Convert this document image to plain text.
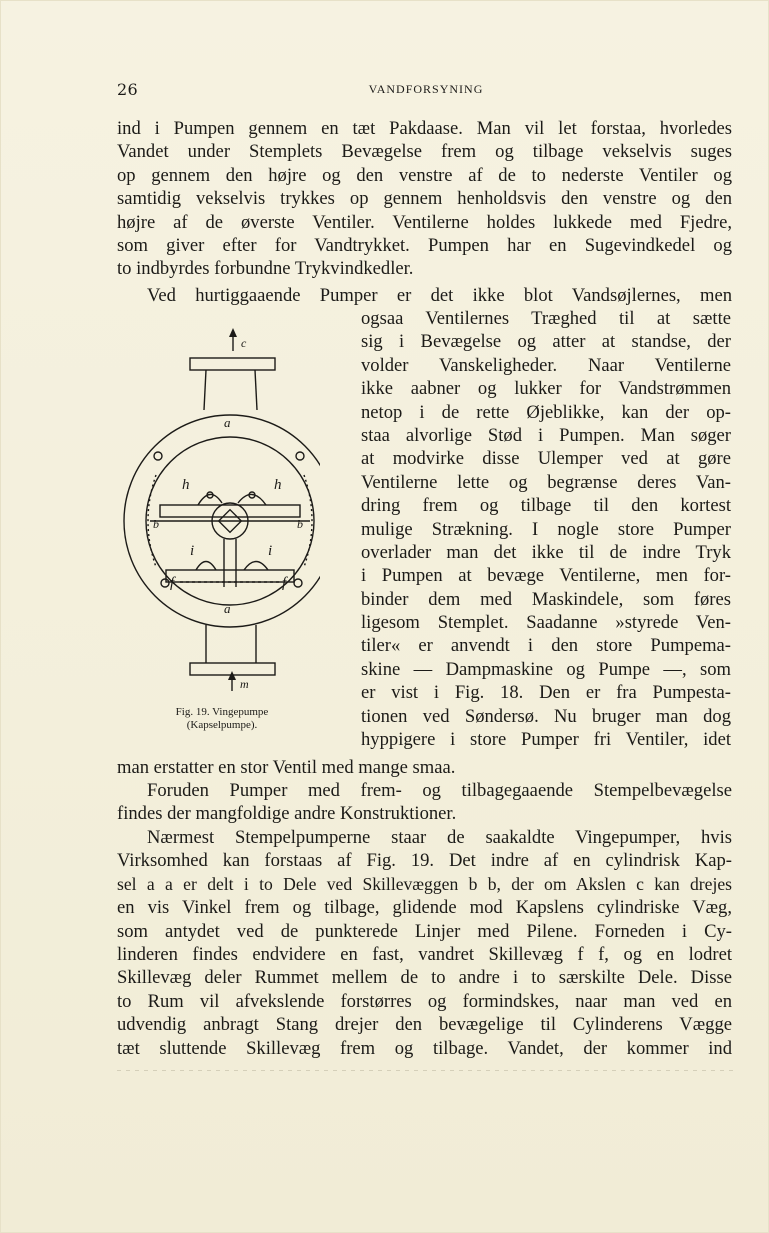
26	VANDFORSYNING
ind i Pumpen gennem en tæt Pakdaase. Man vil let forstaa, hvorledes
Vandet under Stemplets Bevægelse frem og tilbage vekselvis suges
op gennem den højre og den venstre af de to nederste Ventiler og
samtidig vekselvis trykkes op gennem henholdsvis den venstre og den
højre af de øverste Ventiler. Ventilerne holdes lukkede med Fjedre,
som giver efter for Vandtrykket. Pumpen har en Sugevindkedel og
to indbyrdes forbundne Trykvindkedler.
Ved hurtiggaaende Pumper er det ikke blot Vandsøjlernes, men
ogsaa Ventilernes Træghed til at sætte
sig i Bevægelse og atter at standse, der
volder Vanskeligheder. Naar Ventilerne
ikke aabner og lukker for Vandstrømmen
netop i de rette Øjeblikke, kan der op-
staa alvorlige Stød i Pumpen. Man søger
at modvirke disse Ulemper ved at gøre
Ventilerne lette og begrænse deres Van-
dring frem og tilbage til den kortest
mulige Strækning. I nogle store Pumper
overlader man det ikke til de indre Tryk
i Pumpen at bevæge Ventilerne, men for-
binder dem med Maskindele, som føres
ligesom Stemplet. Saadanne »styrede Ven-
tiler« er anvendt i den store Pumpema-
skine — Dampmaskine og Pumpe —, som
er vist i Fig. 18. Den er fra Pumpesta-
tionen ved Søndersø. Nu bruger man dog
hyppigere i store Pumper fri Ventiler, idet
man erstatter en stor Ventil med mange smaa.
Foruden Pumper med frem- og tilbagegaaende Stempelbevægelse
findes der mangfoldige andre Konstruktioner.
Nærmest Stempelpumperne staar de saakaldte Vingepumper, hvis
Virksomhed kan forstaas af Fig. 19. Det indre af en cylindrisk Kap-
sel a a er delt i to Dele ved Skillevæggen b b, der om Akslen c kan drejes
en vis Vinkel frem og tilbage, glidende mod Kapslens cylindriske Væg,
som antydet ved de punkterede Linjer med Pilene. Forneden i Cy-
linderen findes endvidere en fast, vandret Skillevæg f f, og en lodret
Skillevæg deler Rummet mellem de to andre i to særskilte Dele. Disse
to Rum vil afvekslende forstørres og formindskes, naar man ved en
udvendig anbragt Stang drejer den bevægelige til Cylinderens Vægge
tæt sluttende Skillevæg frem og tilbage. Vandet, der kommer ind
c
a
h	h
b	b
i	i
f	f
a
m
Fig. 19. Vingepumpe
(Kapselpumpe).
